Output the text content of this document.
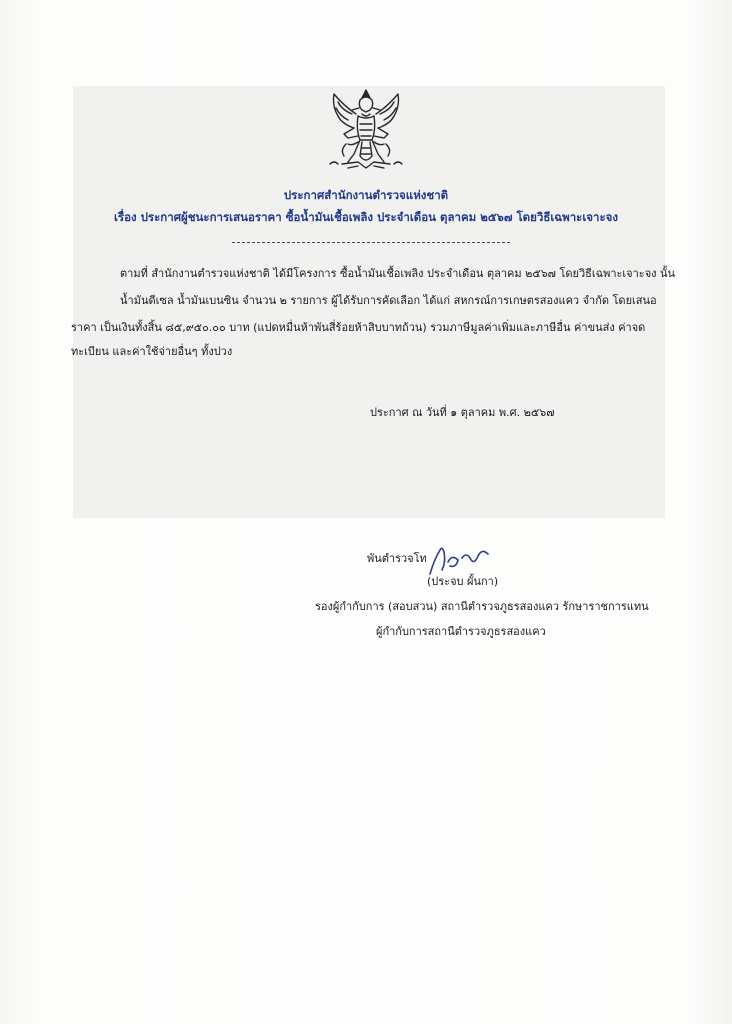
ประกาศสำนักงานตำรวจแห่งชาติ
เรื่อง ประกาศผู้ชนะการเสนอราคา ซื้อน้ำมันเชื้อเพลิง ประจำเดือน ตุลาคม ๒๕๖๗ โดยวิธีเฉพาะเจาะจง
ตามที่ สำนักงานตำรวจแห่งชาติ ได้มีโครงการ ซื้อน้ำมันเชื้อเพลิง ประจำเดือน ตุลาคม ๒๕๖๗ โดยวิธีเฉพาะเจาะจง นั้น
น้ำมันดีเซล น้ำมันเบนซิน จำนวน ๒ รายการ ผู้ได้รับการคัดเลือก ได้แก่ สหกรณ์การเกษตรสองแคว จำกัด โดยเสนอ
ราคา เป็นเงินทั้งสิ้น ๘๕,๙๕๐.๐๐ บาท (แปดหมื่นห้าพันสี่ร้อยห้าสิบบาทถ้วน) รวมภาษีมูลค่าเพิ่มและภาษีอื่น ค่าขนส่ง ค่าจด
ทะเบียน และค่าใช้จ่ายอื่นๆ ทั้งปวง
ประกาศ ณ วันที่ ๑ ตุลาคม พ.ศ. ๒๕๖๗
พันตำรวจโท
(ประจบ ผั้นกา)
รองผู้กำกับการ (สอบสวน) สถานีตำรวจภูธรสองแคว รักษาราชการแทน
ผู้กำกับการสถานีตำรวจภูธรสองแคว
